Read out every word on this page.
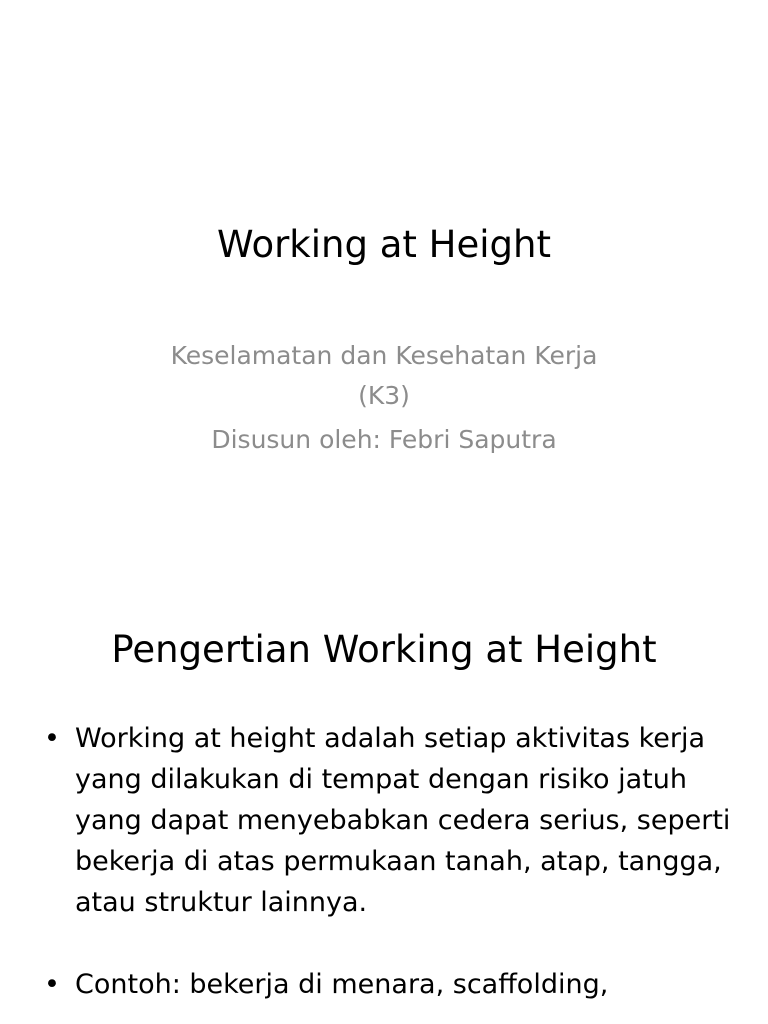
Working at Height
Keselamatan dan Kesehatan Kerja
(K3)
Disusun oleh: Febri Saputra
Pengertian Working at Height
• Working at height adalah setiap aktivitas kerja yang dilakukan di tempat dengan risiko jatuh yang dapat menyebabkan cedera serius, seperti bekerja di atas permukaan tanah, atap, tangga, atau struktur lainnya.
• Contoh: bekerja di menara, scaffolding,
